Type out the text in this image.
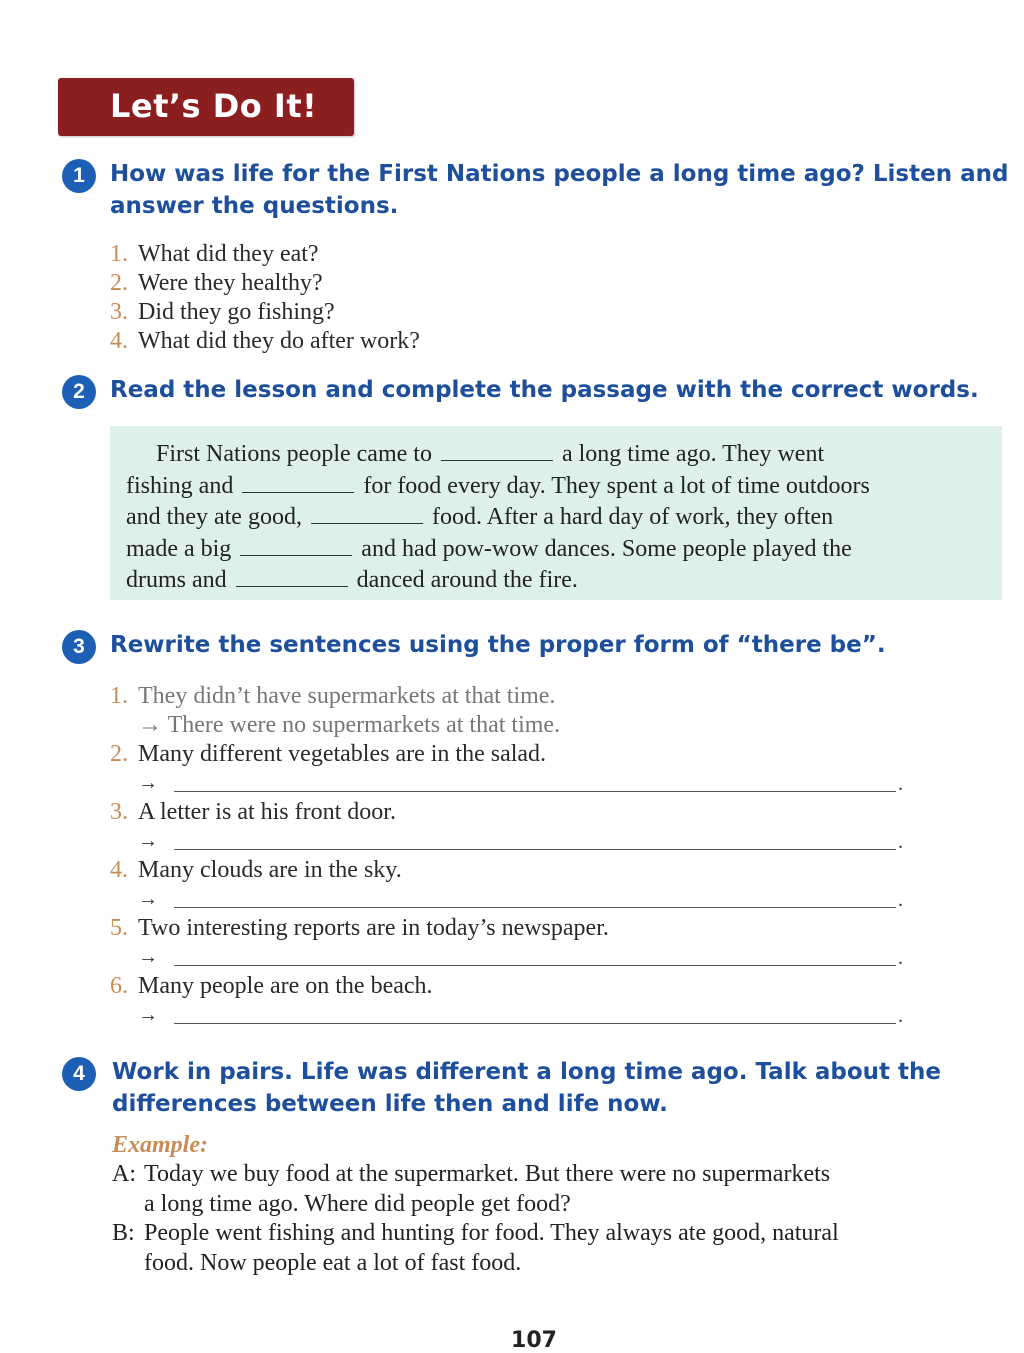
Let’s Do It!
1	How was life for the First Nations people a long time ago? Listen and
answer the questions.
1. What did they eat?
2. Were they healthy?
3. Did they go fishing?
4. What did they do after work?
2	Read the lesson and complete the passage with the correct words.
First Nations people came to	a long time ago. They went
fishing and	for food every day. They spent a lot of time outdoors
and they ate good,	food. After a hard day of work, they often
made a big	and had pow-wow dances. Some people played the
drums and	danced around the fire.
3	Rewrite the sentences using the proper form of “there be”.
1. They didn’t have supermarkets at that time.
→ There were no supermarkets at that time.
2. Many different vegetables are in the salad.
→	.
3. A letter is at his front door.
→	.
4. Many clouds are in the sky.
→	.
5. Two interesting reports are in today’s newspaper.
→	.
6. Many people are on the beach.
→	.
4	Work in pairs. Life was different a long time ago. Talk about the
differences between life then and life now.
Example:
A: Today we buy food at the supermarket. But there were no supermarkets
a long time ago. Where did people get food?
B: People went fishing and hunting for food. They always ate good, natural
food. Now people eat a lot of fast food.
107
